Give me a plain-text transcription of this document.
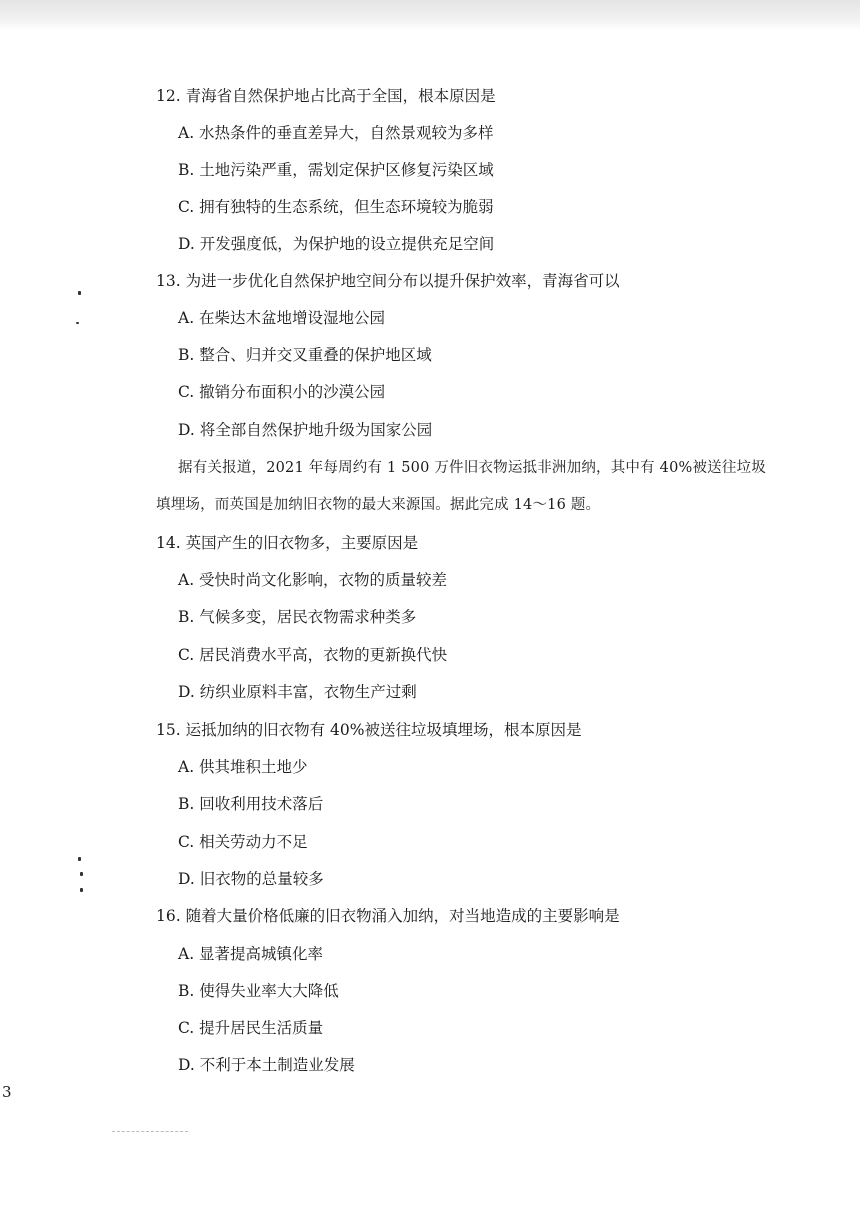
12. 青海省自然保护地占比高于全国，根本原因是
A. 水热条件的垂直差异大，自然景观较为多样
B. 土地污染严重，需划定保护区修复污染区域
C. 拥有独特的生态系统，但生态环境较为脆弱
D. 开发强度低，为保护地的设立提供充足空间
13. 为进一步优化自然保护地空间分布以提升保护效率，青海省可以
A. 在柴达木盆地增设湿地公园
B. 整合、归并交叉重叠的保护地区域
C. 撤销分布面积小的沙漠公园
D. 将全部自然保护地升级为国家公园
据有关报道，2021 年每周约有 1 500 万件旧衣物运抵非洲加纳，其中有 40%被送往垃圾
填埋场，而英国是加纳旧衣物的最大来源国。据此完成 14～16 题。
14. 英国产生的旧衣物多，主要原因是
A. 受快时尚文化影响，衣物的质量较差
B. 气候多变，居民衣物需求种类多
C. 居民消费水平高，衣物的更新换代快
D. 纺织业原料丰富，衣物生产过剩
15. 运抵加纳的旧衣物有 40%被送往垃圾填埋场，根本原因是
A. 供其堆积土地少
B. 回收利用技术落后
C. 相关劳动力不足
D. 旧衣物的总量较多
16. 随着大量价格低廉的旧衣物涌入加纳，对当地造成的主要影响是
A. 显著提高城镇化率
B. 使得失业率大大降低
C. 提升居民生活质量
D. 不利于本土制造业发展
3
